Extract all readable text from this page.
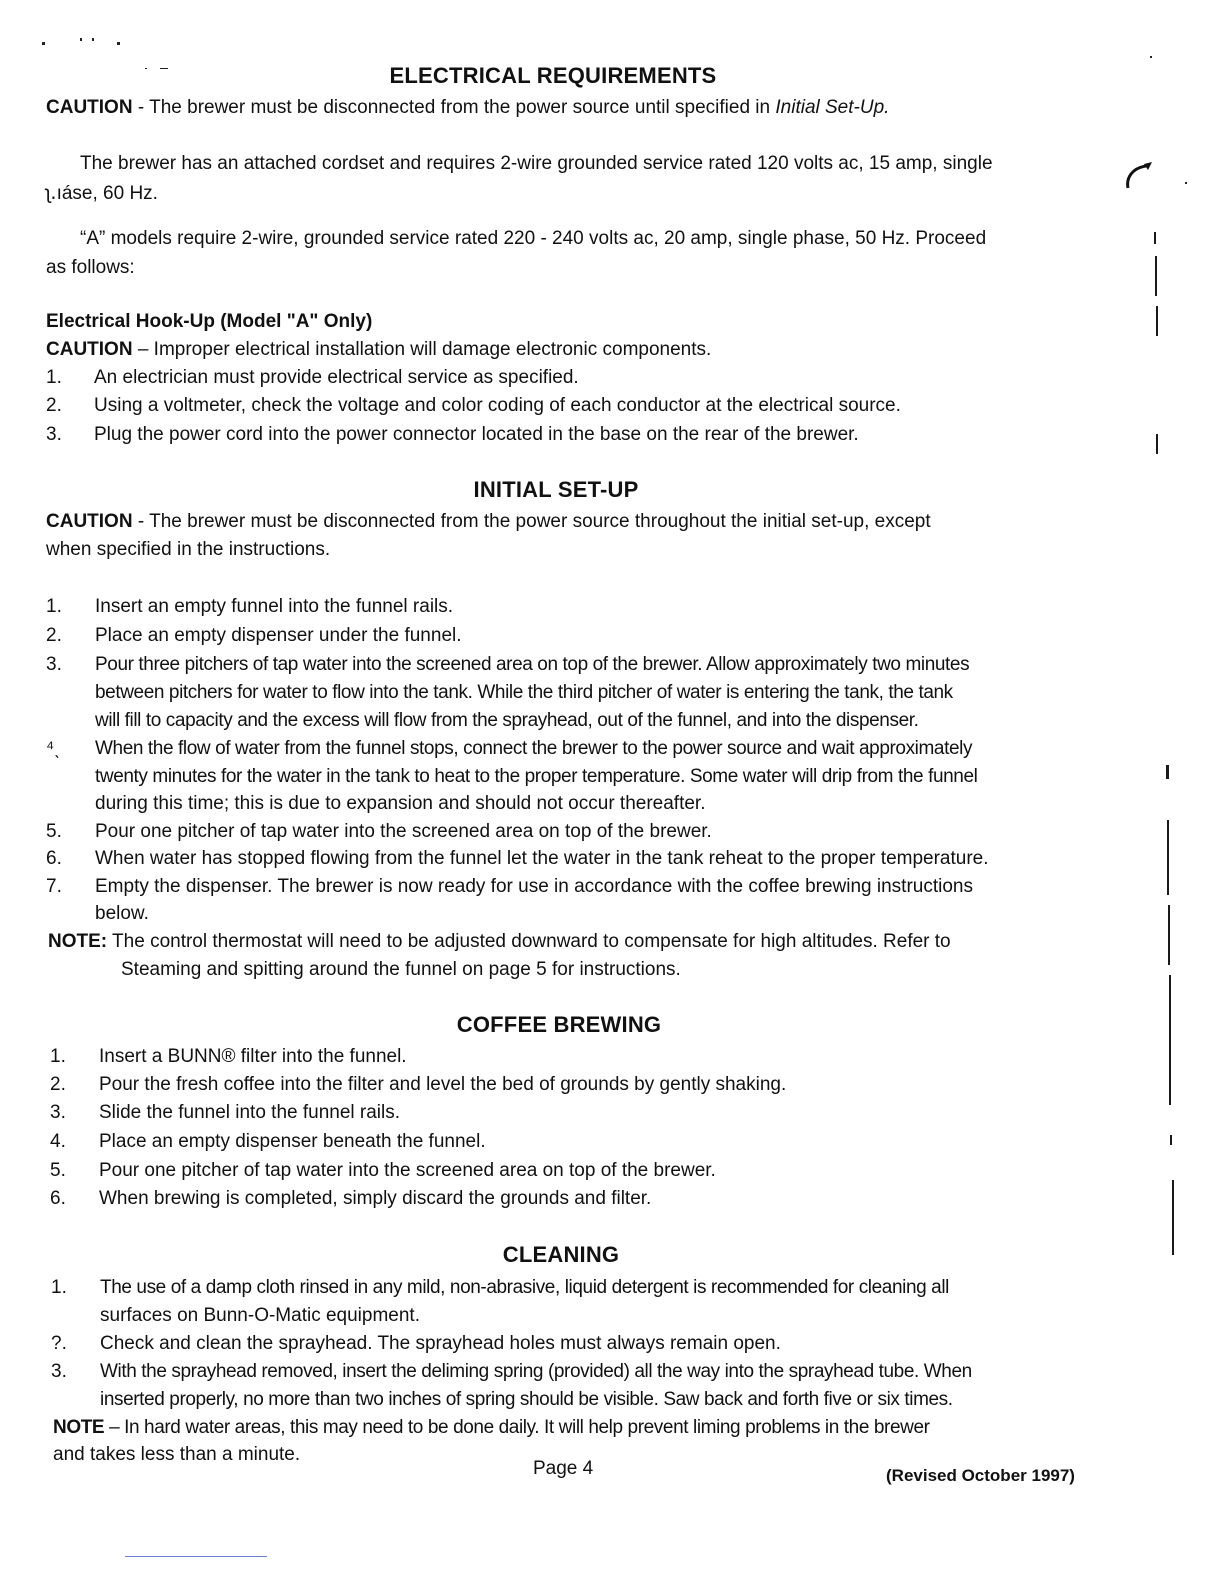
ELECTRICAL REQUIREMENTS
CAUTION - The brewer must be disconnected from the power source until specified in Initial Set-Up.
The brewer has an attached cordset and requires 2-wire grounded service rated 120 volts ac, 15 amp, single
ʅ․ıáse, 60 Hz.
“A” models require 2-wire, grounded service rated 220 - 240 volts ac, 20 amp, single phase, 50 Hz. Proceed
as follows:
Electrical Hook-Up (Model "A" Only)
CAUTION – Improper electrical installation will damage electronic components.
1.	An electrician must provide electrical service as specified.
2.	Using a voltmeter, check the voltage and color coding of each conductor at the electrical source.
3.	Plug the power cord into the power connector located in the base on the rear of the brewer.
INITIAL SET-UP
CAUTION - The brewer must be disconnected from the power source throughout the initial set-up, except
when specified in the instructions.
1.	Insert an empty funnel into the funnel rails.
2.	Place an empty dispenser under the funnel.
3.	Pour three pitchers of tap water into the screened area on top of the brewer. Allow approximately two minutes
between pitchers for water to flow into the tank. While the third pitcher of water is entering the tank, the tank
will fill to capacity and the excess will flow from the sprayhead, out of the funnel, and into the dispenser.
⁴ˎ	When the flow of water from the funnel stops, connect the brewer to the power source and wait approximately
twenty minutes for the water in the tank to heat to the proper temperature. Some water will drip from the funnel
during this time; this is due to expansion and should not occur thereafter.
5.	Pour one pitcher of tap water into the screened area on top of the brewer.
6.	When water has stopped flowing from the funnel let the water in the tank reheat to the proper temperature.
7.	Empty the dispenser. The brewer is now ready for use in accordance with the coffee brewing instructions
below.
NOTE: The control thermostat will need to be adjusted downward to compensate for high altitudes. Refer to
Steaming and spitting around the funnel on page 5 for instructions.
COFFEE BREWING
1.	Insert a BUNN® filter into the funnel.
2.	Pour the fresh coffee into the filter and level the bed of grounds by gently shaking.
3.	Slide the funnel into the funnel rails.
4.	Place an empty dispenser beneath the funnel.
5.	Pour one pitcher of tap water into the screened area on top of the brewer.
6.	When brewing is completed, simply discard the grounds and filter.
CLEANING
1.	The use of a damp cloth rinsed in any mild, non-abrasive, liquid detergent is recommended for cleaning all
surfaces on Bunn-O-Matic equipment.
?.	Check and clean the sprayhead. The sprayhead holes must always remain open.
3.	With the sprayhead removed, insert the deliming spring (provided) all the way into the sprayhead tube. When
inserted properly, no more than two inches of spring should be visible. Saw back and forth five or six times.
NOTE – In hard water areas, this may need to be done daily. It will help prevent liming problems in the brewer
and takes less than a minute.
Page 4	(Revised October 1997)
